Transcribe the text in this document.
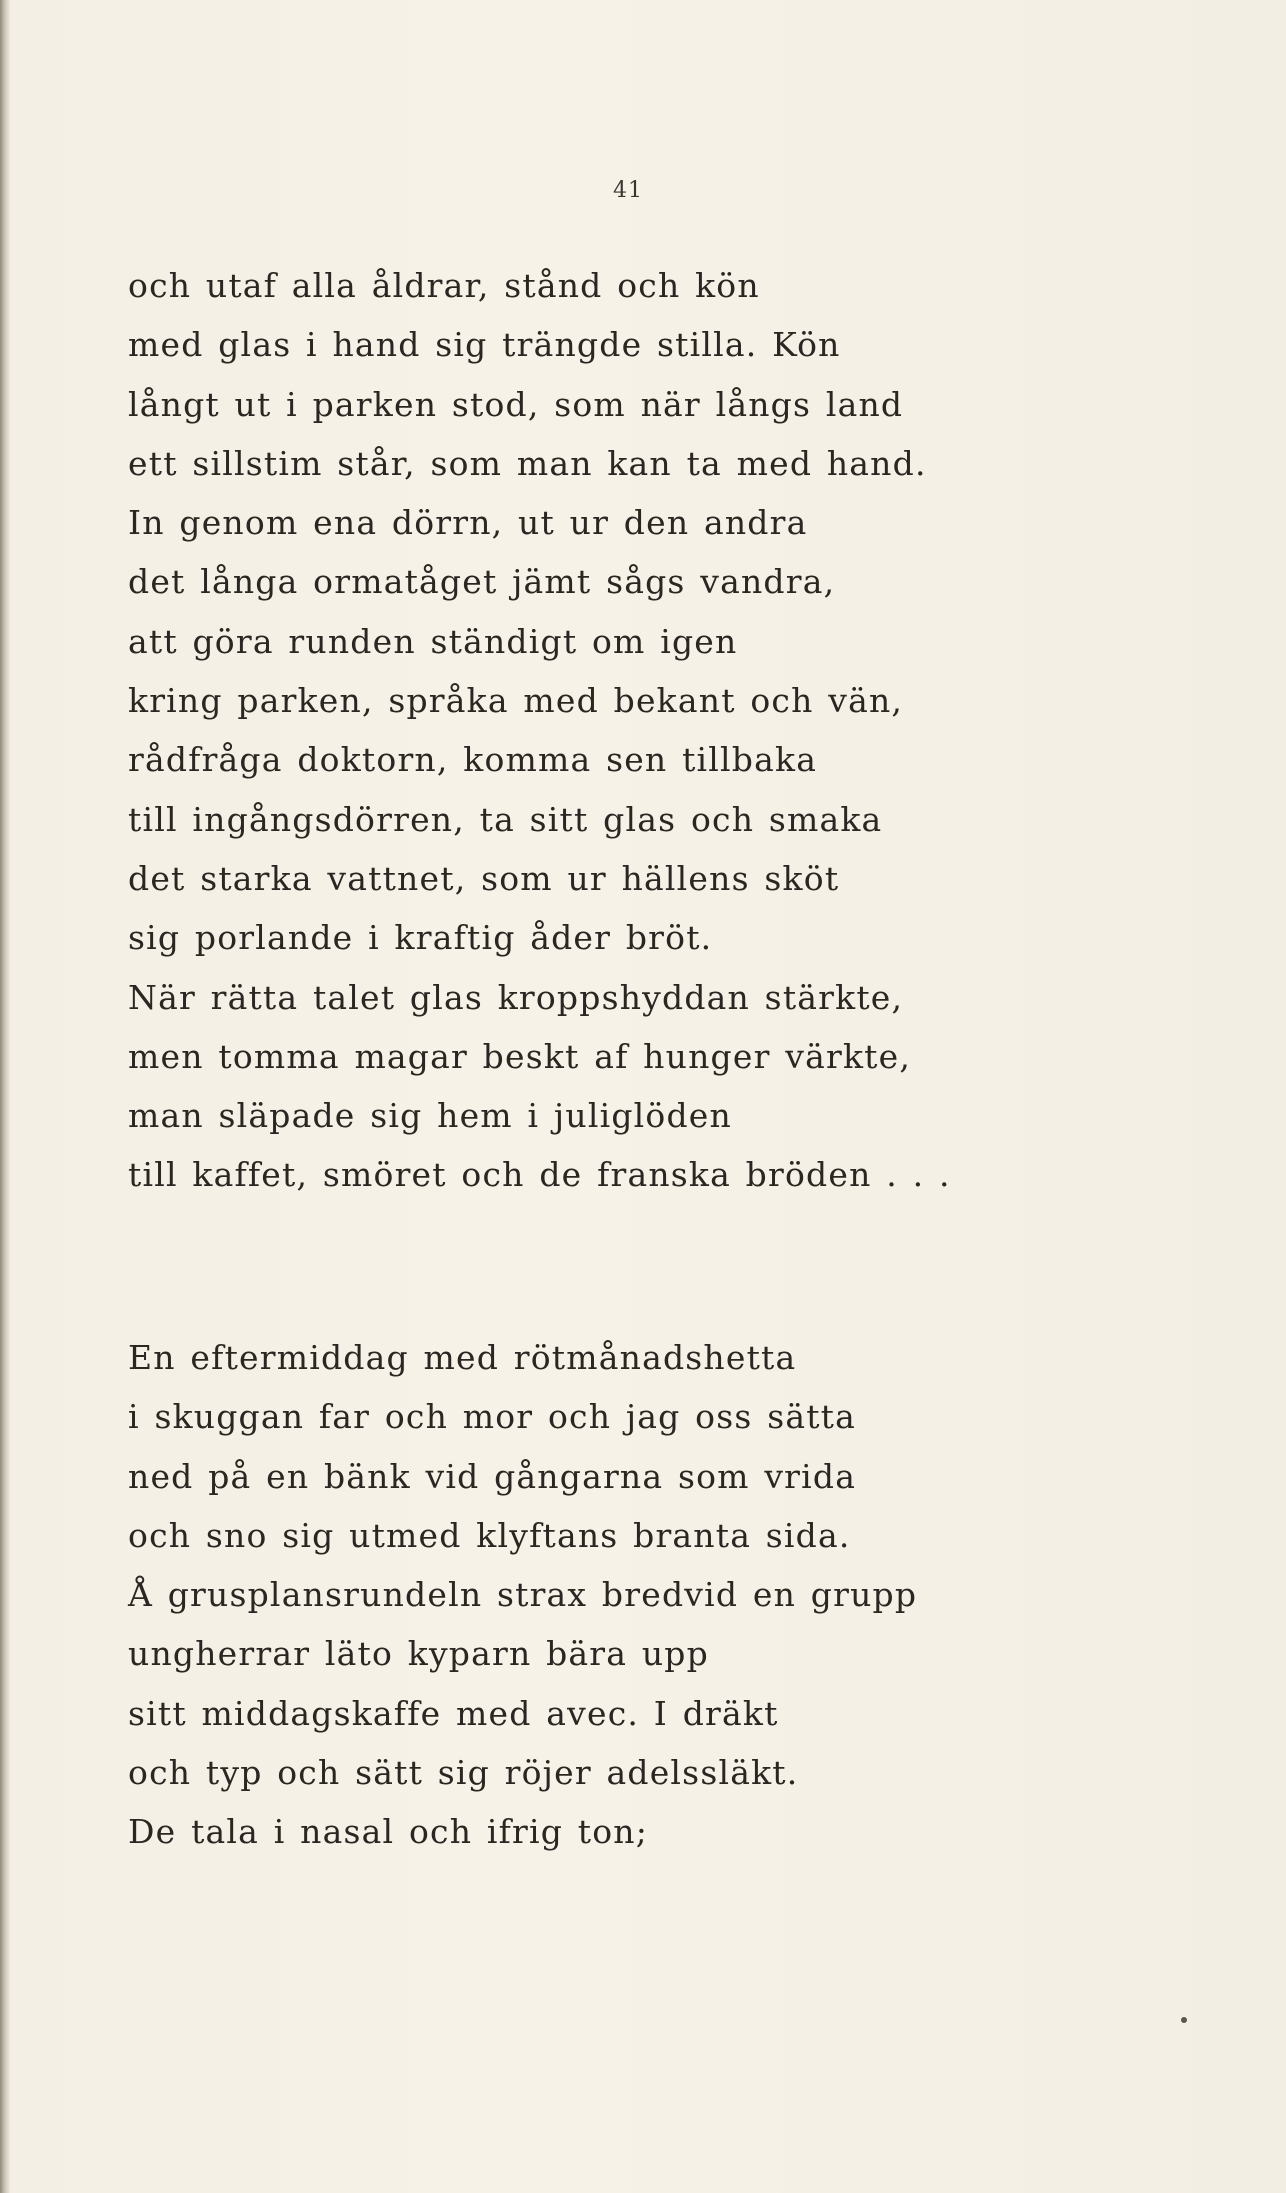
41
och utaf alla åldrar, stånd och kön
med glas i hand sig trängde stilla. Kön
långt ut i parken stod, som när långs land
ett sillstim står, som man kan ta med hand.
In genom ena dörrn, ut ur den andra
det långa ormatåget jämt sågs vandra,
att göra runden ständigt om igen
kring parken, språka med bekant och vän,
rådfråga doktorn, komma sen tillbaka
till ingångsdörren, ta sitt glas och smaka
det starka vattnet, som ur hällens sköt
sig porlande i kraftig åder bröt.
När rätta talet glas kroppshyddan stärkte,
men tomma magar beskt af hunger värkte,
man släpade sig hem i juliglöden
till kaffet, smöret och de franska bröden . . .
En eftermiddag med rötmånadshetta
i skuggan far och mor och jag oss sätta
ned på en bänk vid gångarna som vrida
och sno sig utmed klyftans branta sida.
Å grusplansrundeln strax bredvid en grupp
ungherrar läto kyparn bära upp
sitt middagskaffe med avec. I dräkt
och typ och sätt sig röjer adelssläkt.
De tala i nasal och ifrig ton;
